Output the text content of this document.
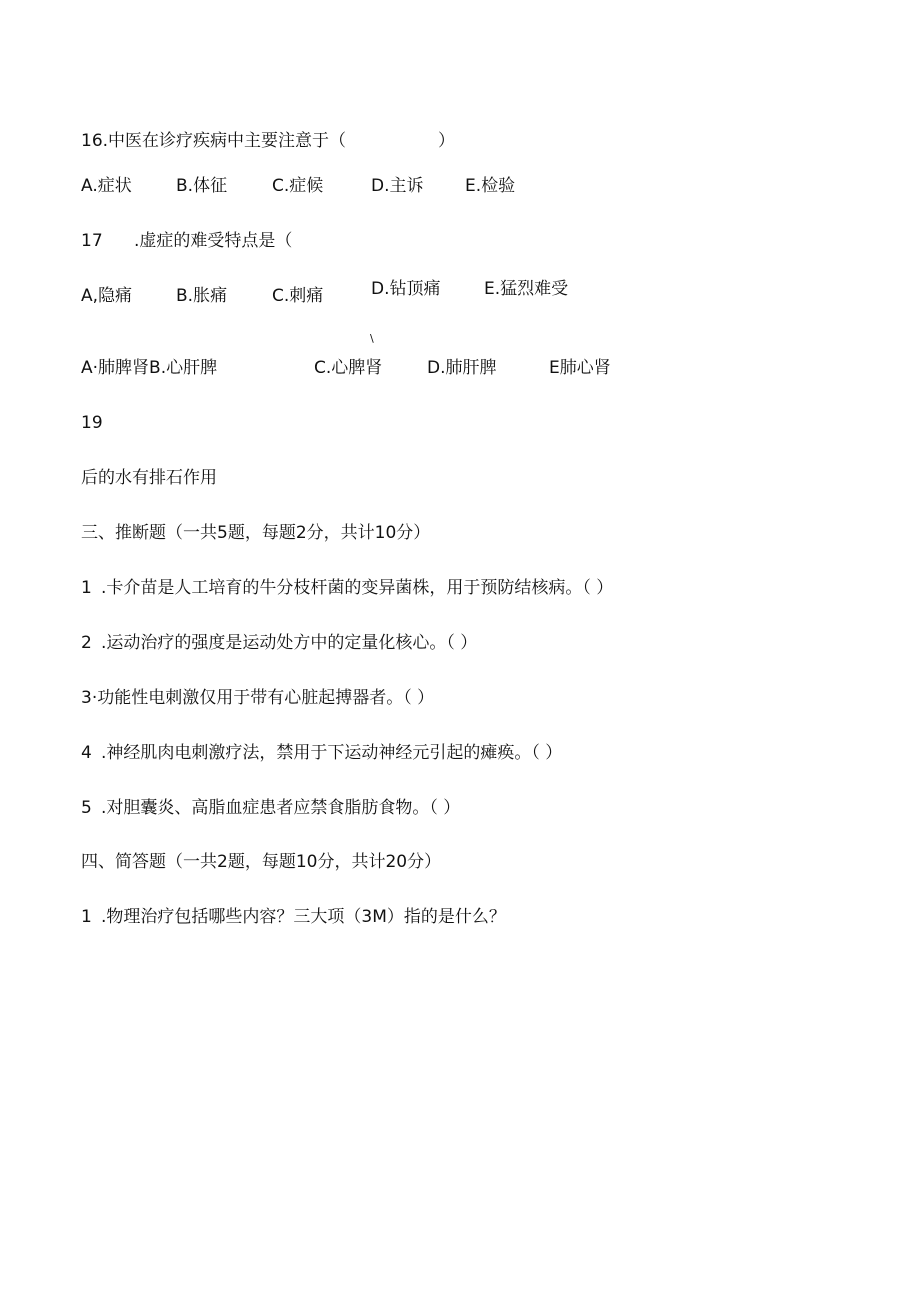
16.中医在诊疗疾病中主要注意于（	）
A.症状	B.体征	C.症候	D.主诉 E.检验
17 .虚症的难受特点是（
A,隐痛	B.胀痛	C.刺痛	D.钻顶痛	E.猛烈难受
\
A·肺脾肾B.心肝脾	C.心脾肾	D.肺肝脾	E肺心肾
19
后的水有排石作用
三、推断题（一共5题，每题2分，共计10分）
1 .卡介苗是人工培育的牛分枝杆菌的变异菌株，用于预防结核病。（ ）
2 .运动治疗的强度是运动处方中的定量化核心。（ ）
3·功能性电刺激仅用于带有心脏起搏器者。（ ）
4 .神经肌肉电刺激疗法，禁用于下运动神经元引起的瘫痪。（ ）
5 .对胆囊炎、高脂血症患者应禁食脂肪食物。（ ）
四、简答题（一共2题，每题10分，共计20分）
1 .物理治疗包括哪些内容？三大项（3M）指的是什么？
